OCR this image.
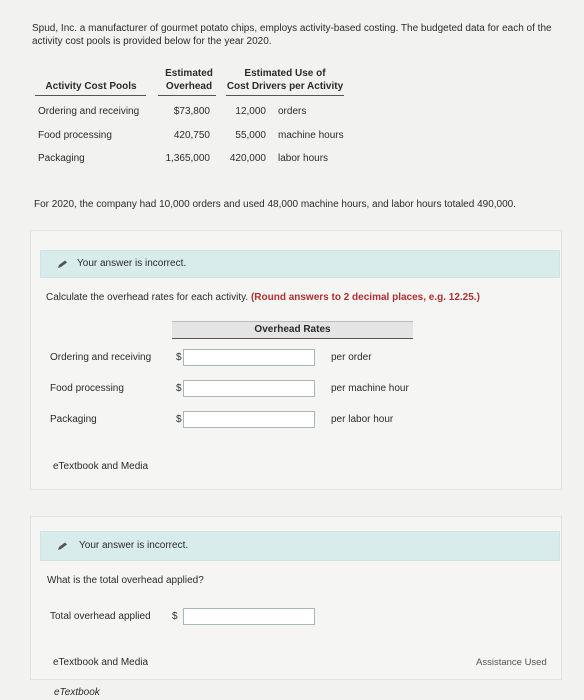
Spud, Inc. a manufacturer of gourmet potato chips, employs activity-based costing. The budgeted data for each of the activity cost pools is provided below for the year 2020.
Estimated
Overhead
Estimated Use of
Cost Drivers per Activity
Activity Cost Pools
Ordering and receiving	$73,800	12,000 orders
Food processing	420,750	55,000 machine hours
Packaging	1,365,000	420,000 labor hours
For 2020, the company had 10,000 orders and used 48,000 machine hours, and labor hours totaled 490,000.
Your answer is incorrect.
Calculate the overhead rates for each activity. (Round answers to 2 decimal places, e.g. 12.25.)
Overhead Rates
Ordering and receiving $	per order
Food processing	$	per machine hour
Packaging	$	per labor hour
eTextbook and Media
Your answer is incorrect.
What is the total overhead applied?
Total overhead applied $
eTextbook and Media	Assistance Used
eTextbook
